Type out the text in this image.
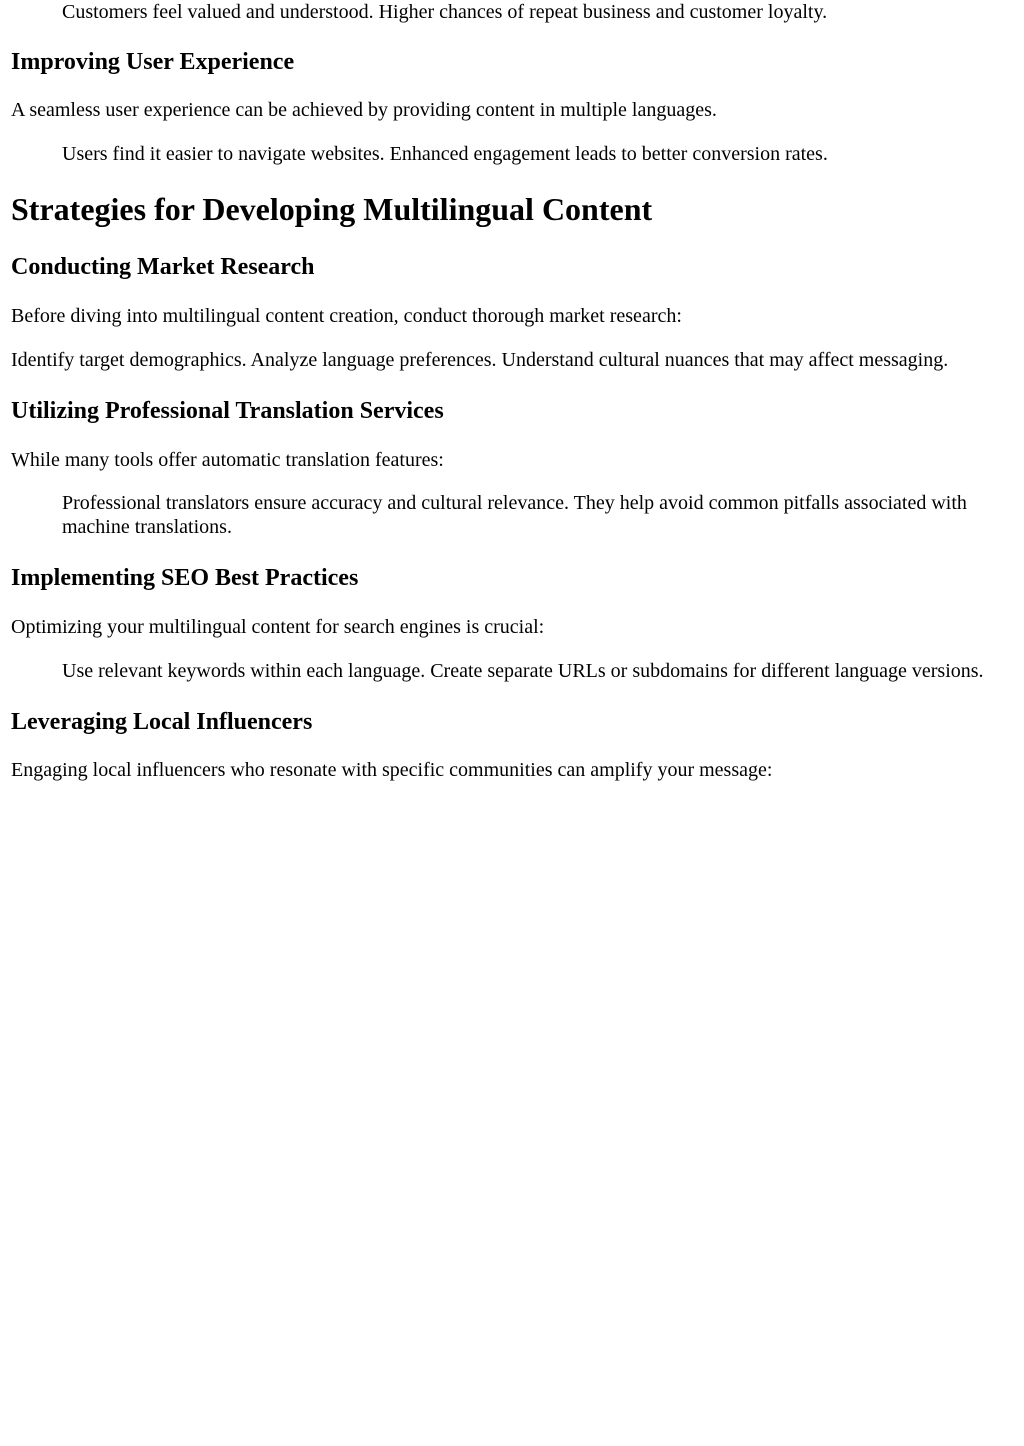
Customers feel valued and understood. Higher chances of repeat business and customer loyalty.

Improving User Experience

A seamless user experience can be achieved by providing content in multiple languages.

Users find it easier to navigate websites. Enhanced engagement leads to better conversion rates.

Strategies for Developing Multilingual Content
Conducting Market Research

Before diving into multilingual content creation, conduct thorough market research:

Identify target demographics. Analyze language preferences. Understand cultural nuances that may affect messaging.

Utilizing Professional Translation Services

While many tools offer automatic translation features:

Professional translators ensure accuracy and cultural relevance. They help avoid common pitfalls associated with machine translations.

Implementing SEO Best Practices

Optimizing your multilingual content for search engines is crucial:

Use relevant keywords within each language. Create separate URLs or subdomains for different language versions.

Leveraging Local Influencers

Engaging local influencers who resonate with specific communities can amplify your message:
